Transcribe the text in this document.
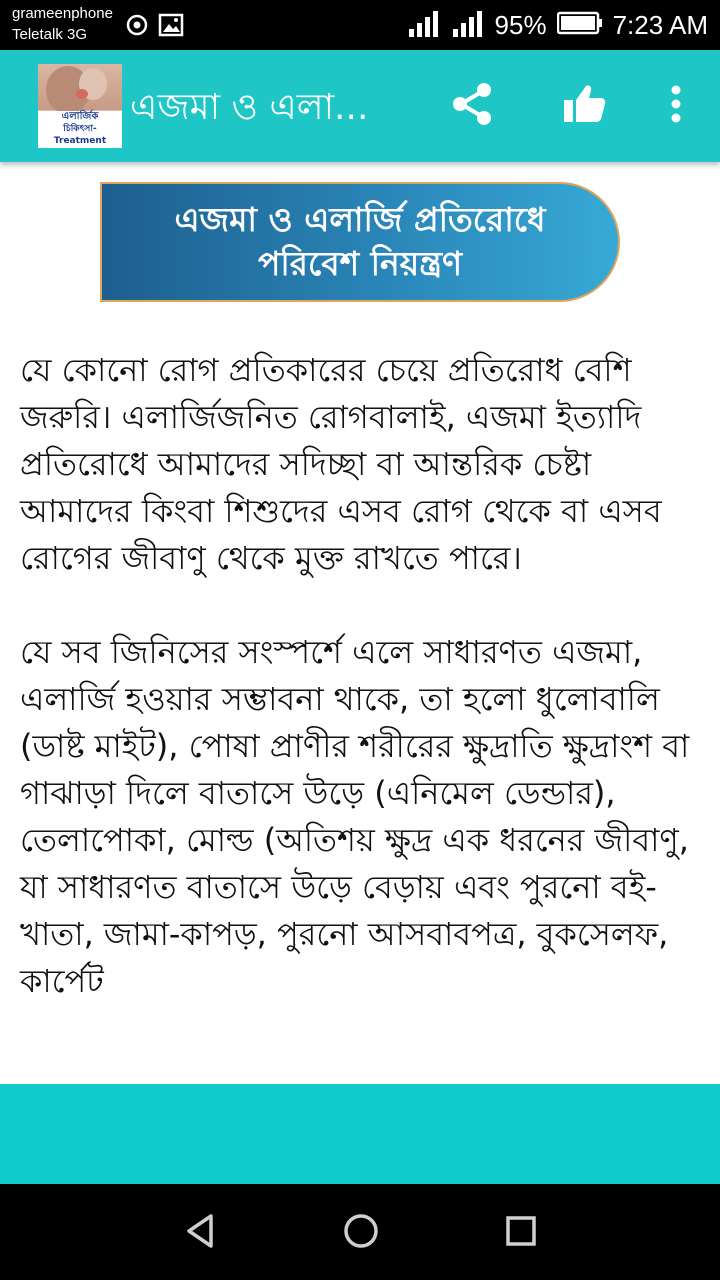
grameenphone
Teletalk 3G	95%	7:23 AM
এলার্জিক
চিকিৎসা-Treatment
এজমা ও এলা...
এজমা ও এলার্জি প্রতিরোধে পরিবেশ নিয়ন্ত্রণ

যে কোনো রোগ প্রতিকারের চেয়ে প্রতিরোধ বেশি জরুরি। এলার্জিজনিত রোগবালাই, এজমা ইত্যাদি প্রতিরোধে আমাদের সদিচ্ছা বা আন্তরিক চেষ্টা আমাদের কিংবা শিশুদের এসব রোগ থেকে বা এসব রোগের জীবাণু থেকে মুক্ত রাখতে পারে।

যে সব জিনিসের সংস্পর্শে এলে সাধারণত এজমা, এলার্জি হওয়ার সম্ভাবনা থাকে, তা হলো ধুলোবালি (ডাষ্ট মাইট), পোষা প্রাণীর শরীরের ক্ষুদ্রাতি ক্ষুদ্রাংশ বা গাঝাড়া দিলে বাতাসে উড়ে (এনিমেল ডেন্ডার), তেলাপোকা, মোল্ড (অতিশয় ক্ষুদ্র এক ধরনের জীবাণু, যা সাধারণত বাতাসে উড়ে বেড়ায় এবং পুরনো বই-খাতা, জামা-কাপড়, পুরনো আসবাবপত্র, বুকসেলফ, কার্পেট
